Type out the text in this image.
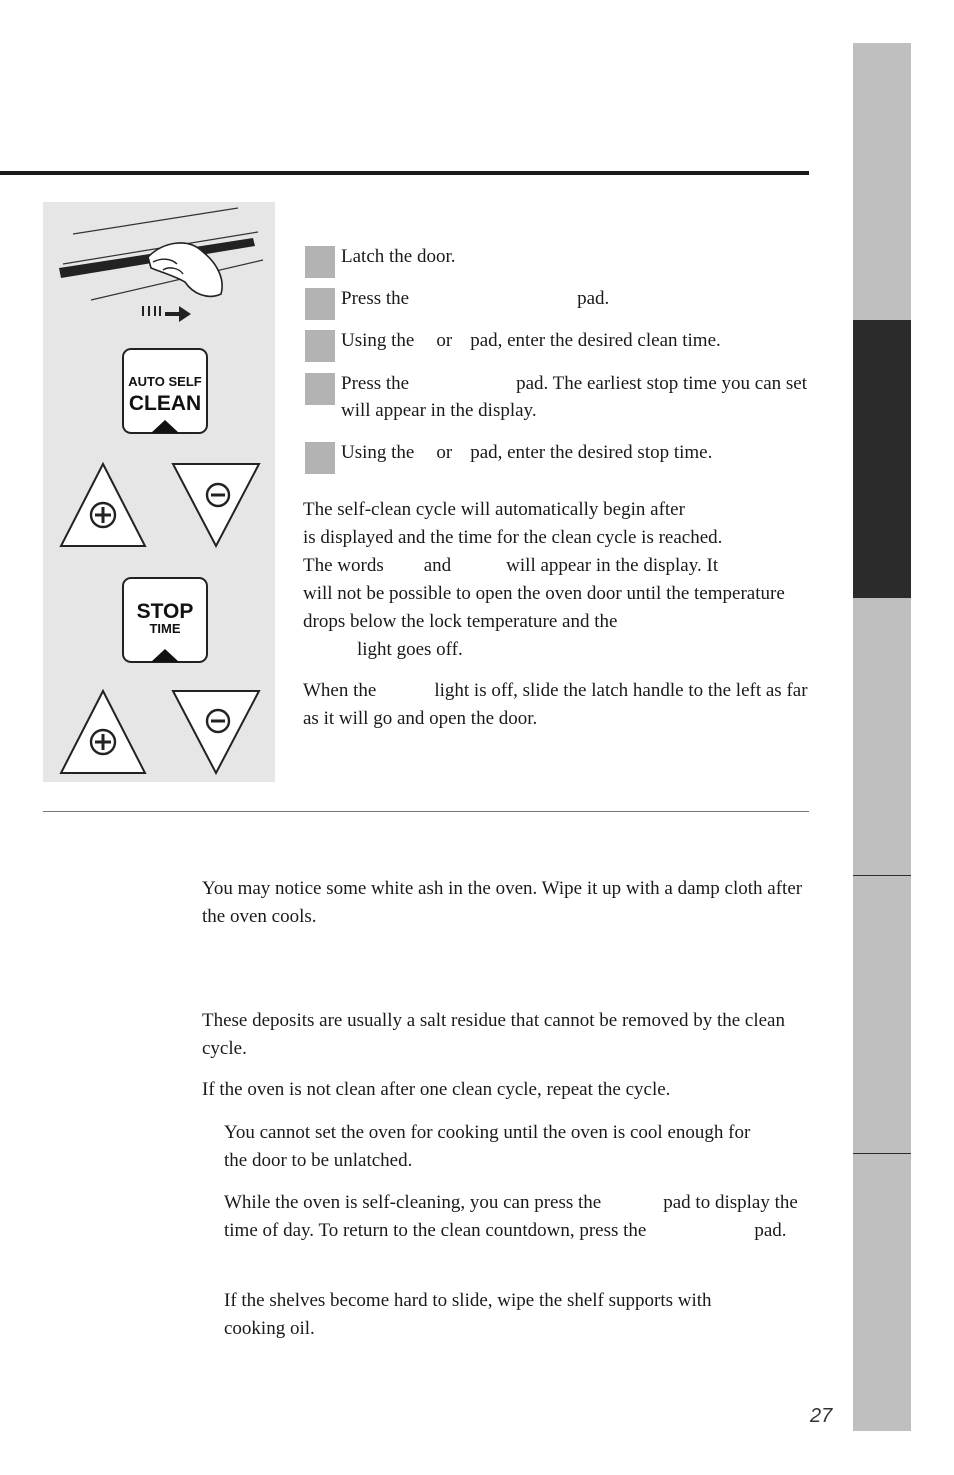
AUTO SELF
CLEAN
STOP
TIME
Latch the door.
Press the	pad.
Using the or pad, enter the desired clean time.
Press the	pad. The earliest stop time you can set will appear in the display.
Using the or pad, enter the desired stop time.
The self-clean cycle will automatically begin after
is displayed and the time for the clean cycle is reached.
The words and	will appear in the display. It
will not be possible to open the oven door until the temperature drops below the lock temperature and the
light goes off.
When the	light is off, slide the latch handle to the left as far as it will go and open the door.
You may notice some white ash in the oven. Wipe it up with a damp cloth after the oven cools.
These deposits are usually a salt residue that cannot be removed by the clean cycle.
If the oven is not clean after one clean cycle, repeat the cycle.
You cannot set the oven for cooking until the oven is cool enough for the door to be unlatched.
While the oven is self-cleaning, you can press the	pad to display the time of day. To return to the clean countdown, press the	pad.
If the shelves become hard to slide, wipe the shelf supports with cooking oil.
27
